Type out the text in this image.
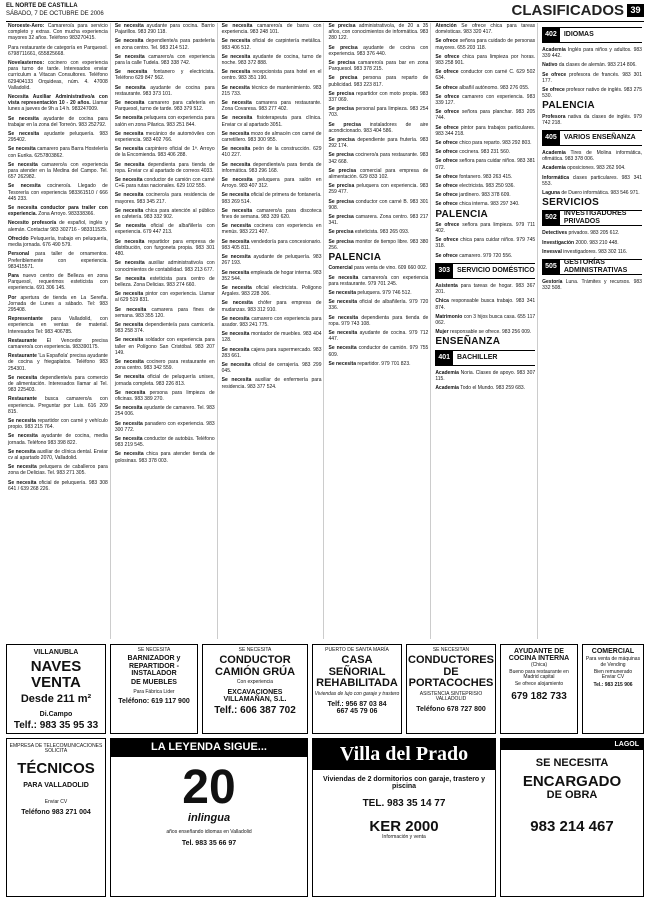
EL NORTE DE CASTILLA
SÁBADO, 7 DE OCTUBRE DE 2006	CLASIFICADOS 39

Noroeste-Aero: Camarero/a para servicio completo y extras. Con mucha experiencia mayores 32 años. Teléfono 983270415.

Para restaurante de categoría en Parquesol. 6798711661, 655825668.

Novelasternos: cocinero con experiencia para turno de tarde. Interesados enviar curriculum a Vitacan Consultores. Teléfono 629404133 Orquideas, núm. 4. 47008 Valladolid.

Necesita Auxiliar Administrativo/a con vista representación 10 - 20 años. Llamar lunes a jueves de 9h a 14 h. 983247009.

Se necesita ayudante de cocina para trabajar en la zona del Torreón. 983 252792.

Se necesita ayudante peluquería. 983 295402.

Se necesita camarero para Barra Hostelería con Eurika. 6257803862.

Se necesita camarero/a con experiencia para atender en la Medina del Campo. Tel. 657 262982.

Se necesita cocinero/a. Llegado de Tesorería con experiencia 983361510 / 666 445 233.

Se necesita conductor para trailer con experiencia. Zona Arroyo. 983338366.

Necesito profesor/a de español, inglés y alemán. Contactar 983 302716 - 983311525.

Ofrecido Peluquería, trabajo en peluquería, media jornada. 676 490 579.

Personal para taller de ornamentos. Preferiblemente con experiencia. 983415571.

Para nuevo centro de Belleza en zona Parquesol, requerimos esteticista con experiencia. 691 306 145.

Por apertura de tienda en La Sereña. Jornada de Lunes a sábado. Tel: 983 295408.

Representante para Valladolid, con experiencia en ventas de material. Interesados Tel: 983 406785.

Restaurante El Vencedor precisa camarero/a con experiencia. 983390175.

Restaurante 'La Española' precisa ayudante de cocina y friegaplatos. Teléfono 983 254301.

Se necesita dependiente/a para comercio de alimentación. Interesados llamar al Tel. 983 225403.

Restaurante busca camarero/a con experiencia. Preguntar por Luis. 616 209 815.

Se necesita repartidor con carné y vehículo propio. 983 215 764.

Se necesita ayudante de cocina, media jornada. Teléfono 983 398 822.

Se necesita auxiliar de clínica dental. Enviar cv al apartado 2070, Valladolid.

Se necesita peluquera de caballeros para zona de Delicias. Tel. 983 271 305.

Se necesita oficial de peluquería. 983 308 641 / 639 268 226.

Se necesita ayudante para cocina. Barrio Pajarillos. 983 290 118.

Se necesita dependiente/a para pastelería en zona centro. Tel. 983 214 512.

Se necesita camarero/a con experiencia para la calle Tudela. 983 338 742.

Se necesita fontanero y electricista. Teléfono 629 847 562.

Se necesita ayudante de cocina para restaurante. 983 373 101.

Se necesita camarero para cafetería en Parquesol, turno de tarde. 983 379 512.

Se necesita peluquera con experiencia para salón en zona Pilarica. 983 251 844.

Se necesita mecánico de automóviles con experiencia. 983 402 766.

Se necesita carpintero oficial de 1ª. Arroyo de la Encomienda. 983 406 288.

Se necesita dependienta para tienda de ropa. Enviar cv al apartado de correos 4033.

Se necesita conductor de camión con carné C+E para rutas nacionales. 629 102 555.

Se necesita cocinero/a para residencia de mayores. 983 345 217.

Se necesita chica para atención al público en cafetería. 983 332 902.

Se necesita oficial de albañilería con experiencia. 679 447 213.

Se necesita repartidor para empresa de distribución, con furgoneta propia. 983 301 480.

Se necesita auxiliar administrativo/a con conocimientos de contabilidad. 983 213 677.

Se necesita esteticista para centro de belleza. Zona Delicias. 983 274 660.

Se necesita pintor con experiencia. Llamar al 629 519 831.

Se necesita camarera para fines de semana. 983 355 120.

Se necesita dependiente/a para carnicería. 983 258 374.

Se necesita soldador con experiencia para taller en Polígono San Cristóbal. 983 207 149.

Se necesita cocinero para restaurante en zona centro. 983 342 559.

Se necesita oficial de peluquería unisex, jornada completa. 983 226 813.

Se necesita persona para limpieza de oficinas. 983 389 270.

Se necesita ayudante de camarero. Tel. 983 254 006.

Se necesita panadero con experiencia. 983 300 772.

Se necesita conductor de autobús. Teléfono 983 219 545.

Se necesita chica para atender tienda de golosinas. 983 378 003.

Se necesita camarero/a de barra con experiencia. 983 248 101.

Se necesita oficial de carpintería metálica. 983 406 512.

Se necesita ayudante de cocina, turno de noche. 983 372 888.

Se necesita recepcionista para hotel en el centro. 983 351 190.

Se necesita técnico de mantenimiento. 983 215 733.

Se necesita camarera para restaurante. Zona Covaresa. 983 277 402.

Se necesita fisioterapeuta para clínica. Enviar cv al apartado 3051.

Se necesita mozo de almacén con carné de carretillero. 983 300 955.

Se necesita peón de la construcción. 629 410 227.

Se necesita dependiente/a para tienda de informática. 983 296 168.

Se necesita peluquera para salón en Arroyo. 983 407 312.

Se necesita oficial de primera de fontanería. 983 269 514.

Se necesita camarero/a para discoteca fines de semana. 983 339 620.

Se necesita cocinera con experiencia en menús. 983 221 407.

Se necesita vendedor/a para concesionario. 983 405 811.

Se necesita ayudante de peluquería. 983 267 193.

Se necesita empleada de hogar interna. 983 352 544.

Se necesita oficial electricista. Polígono Argales. 983 228 306.

Se necesita chófer para empresa de mudanzas. 983 312 910.

Se necesita camarero con experiencia para asador. 983 241 775.

Se necesita montador de muebles. 983 404 128.

Se necesita cajera para supermercado. 983 283 661.

Se necesita oficial de cerrajería. 983 299 045.

Se necesita auxiliar de enfermería para residencia. 983 377 524.

Se precisa administrativo/a, de 20 a 35 años, con conocimientos de informática. 983 280 122.

Se precisa ayudante de cocina con experiencia. 983 376 440.

Se precisa camarero/a para bar en zona Parquesol. 983 378 215.

Se precisa persona para reparto de publicidad. 983 223 817.

Se precisa repartidor con moto propia. 983 337 069.

Se precisa personal para limpieza. 983 254 703.

Se precisa instaladores de aire acondicionado. 983 404 586.

Se precisa dependiente para frutería. 983 292 174.

Se precisa cocinero/a para restaurante. 983 342 668.

Se precisa comercial para empresa de alimentación. 629 833 102.

Se precisa peluquera con experiencia. 983 259 477.

Se precisa conductor con carné B. 983 301 908.

Se precisa camarera. Zona centro. 983 217 341.

Se precisa esteticista. 983 265 093.

Se precisa monitor de tiempo libre. 983 380 256.

PALENCIA

Comercial para venta de vino. 609 660 002.

Se necesita camarero/a con experiencia para restaurante. 979 701 245.

Se necesita peluquera. 979 746 512.

Se necesita oficial de albañilería. 979 720 336.

Se necesita dependienta para tienda de ropa. 979 743 108.

Se necesita ayudante de cocina. 979 712 447.

Se necesita conductor de camión. 979 755 609.

Se necesita repartidor. 979 701 823.

Atención Se ofrece chica para tareas domésticas. 983 320 417.

Se ofrece señora para cuidado de personas mayores. 655 203 118.

Se ofrece chica para limpieza por horas. 983 258 901.

Se ofrece conductor con carné C. 629 502 634.

Se ofrece albañil autónomo. 983 276 055.

Se ofrece camarero con experiencia. 983 339 127.

Se ofrece señora para planchar. 983 205 744.

Se ofrece pintor para trabajos particulares. 983 344 218.

Se ofrece chico para reparto. 983 292 803.

Se ofrece cocinera. 983 231 560.

Se ofrece señora para cuidar niños. 983 381 072.

Se ofrece fontanero. 983 263 415.

Se ofrece electricista. 983 250 936.

Se ofrece jardinero. 983 378 609.

Se ofrece chica interna. 983 297 340.

PALENCIA

Se ofrece señora para limpieza. 979 711 402.

Se ofrece chica para cuidar niños. 979 745 318.

Se ofrece camarero. 979 720 556.

303	SERVICIO DOMÉSTICO

Asistenta para tareas de hogar. 983 367 201.

Chica responsable busca trabajo. 983 341 874.

Matrimonio con 3 hijos busca casa. 655 117 062.

Mujer responsable se ofrece. 983 256 009.

ENSEÑANZA
401	BACHILLER

Academia Noria. Clases de apoyo. 983 307 115.

Academia Todo el Mundo. 983 259 683.

402	IDIOMAS

Academia Inglés para niños y adultos. 983 339 442.

Nativo da clases de alemán. 983 214 806.

Se ofrece profesora de francés. 983 301 177.

Se ofrece profesor nativo de inglés. 983 275 530.

PALENCIA

Profesora nativa da clases de inglés. 979 742 218.

405	VARIOS ENSEÑANZA

Academia Tires de Molina informática, ofimática. 983 378 006.

Academia oposiciones. 983 262 904.

Informática clases particulares. 983 341 553.

Laguna de Duero informática. 983 546 971.

SERVICIOS
502
INVESTIGADORES PRIVADOS

Detectives privados. 983 205 612.

Investigación 2000. 983 210 448.

Invesval investigadores. 983 302 116.

505
GESTORÍAS ADMINISTRATIVAS

Gestoría Luna. Trámites y recursos. 983 332 508.

VILLANUBLA
NAVES VENTA
Desde 211 m²
Di.Campo
Telf.: 983 35 95 33
SE NECESITA
BARNIZADOR y REPARTIDOR - INSTALADOR
DE MUEBLES
Para Fábrica Lider
Teléfono: 619 117 900
SE NECESITA
CONDUCTOR CAMIÓN GRÚA
Con experiencia
EXCAVACIONES VILLAMAÑAN, S.L.
Telf.: 606 387 702
PUERTO DE SANTA MARÍA
CASA SEÑORIAL REHABILITADA
Viviendas de lujo con garaje y trastero
Telf.: 956 87 03 84
667 45 79 06
SE NECESITAN
CONDUCTORES DE PORTACOCHES
ASISTENCIA SINTEPRISIO
VALLADOLID
Teléfono 678 727 800
AYUDANTE DE COCINA INTERNA
(Chica)
Bueno para restaurante en Madrid capital
Se ofrece alojamiento
679 182 733
COMERCIAL
Para venta de máquinas de Vending
Bien remunerado
Enviar CV
Tel.: 983 215 906
EMPRESA DE TELECOMUNICACIONES SOLICITA
TÉCNICOS
PARA VALLADOLID
Enviar CV
Teléfono 983 271 004
LA LEYENDA SIGUE...
20
inlingua
años enseñando idiomas en Valladolid
Tel. 983 35 66 97
Villa del Prado
Viviendas de 2 dormitorios con garaje, trastero y piscina
TEL. 983 35 14 77
KER 2000
Información y venta
LAGOL
SE NECESITA
ENCARGADO
DE OBRA
983 214 467
